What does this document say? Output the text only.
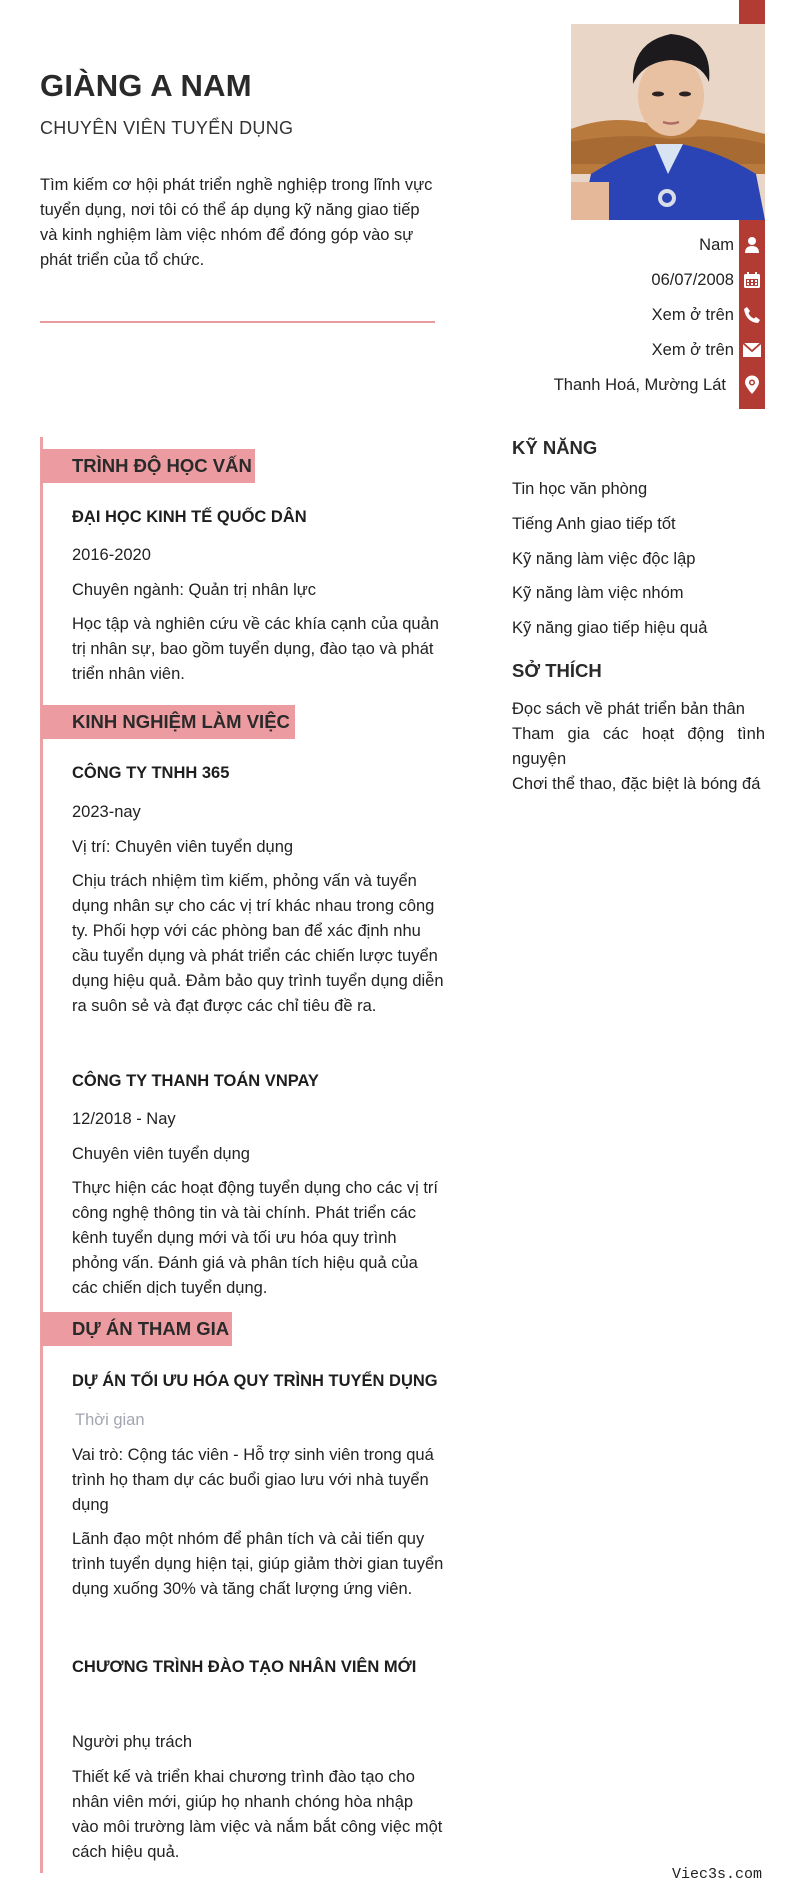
GIÀNG A NAM
CHUYÊN VIÊN TUYỂN DỤNG
Tìm kiếm cơ hội phát triển nghề nghiệp trong lĩnh vực tuyển dụng, nơi tôi có thể áp dụng kỹ năng giao tiếp và kinh nghiệm làm việc nhóm để đóng góp vào sự phát triển của tổ chức.
Nam
06/07/2008
Xem ở trên
Xem ở trên
Thanh Hoá, Mường Lát
TRÌNH ĐỘ HỌC VẤN
ĐẠI HỌC KINH TẾ QUỐC DÂN
2016-2020
Chuyên ngành: Quản trị nhân lực
Học tập và nghiên cứu về các khía cạnh của quản trị nhân sự, bao gồm tuyển dụng, đào tạo và phát triển nhân viên.
KINH NGHIỆM LÀM VIỆC
CÔNG TY TNHH 365
2023-nay
Vị trí: Chuyên viên tuyển dụng
Chịu trách nhiệm tìm kiếm, phỏng vấn và tuyển dụng nhân sự cho các vị trí khác nhau trong công ty. Phối hợp với các phòng ban để xác định nhu cầu tuyển dụng và phát triển các chiến lược tuyển dụng hiệu quả. Đảm bảo quy trình tuyển dụng diễn ra suôn sẻ và đạt được các chỉ tiêu đề ra.
CÔNG TY THANH TOÁN VNPAY
12/2018 - Nay
Chuyên viên tuyển dụng
Thực hiện các hoạt động tuyển dụng cho các vị trí công nghệ thông tin và tài chính. Phát triển các kênh tuyển dụng mới và tối ưu hóa quy trình phỏng vấn. Đánh giá và phân tích hiệu quả của các chiến dịch tuyển dụng.
DỰ ÁN THAM GIA
DỰ ÁN TỐI ƯU HÓA QUY TRÌNH TUYỂN DỤNG
Thời gian
Vai trò: Cộng tác viên - Hỗ trợ sinh viên trong quá trình họ tham dự các buổi giao lưu với nhà tuyển dụng
Lãnh đạo một nhóm để phân tích và cải tiến quy trình tuyển dụng hiện tại, giúp giảm thời gian tuyển dụng xuống 30% và tăng chất lượng ứng viên.
CHƯƠNG TRÌNH ĐÀO TẠO NHÂN VIÊN MỚI
Người phụ trách
Thiết kế và triển khai chương trình đào tạo cho nhân viên mới, giúp họ nhanh chóng hòa nhập vào môi trường làm việc và nắm bắt công việc một cách hiệu quả.
KỸ NĂNG
Tin học văn phòng
Tiếng Anh giao tiếp tốt
Kỹ năng làm việc độc lập
Kỹ năng làm việc nhóm
Kỹ năng giao tiếp hiệu quả
SỞ THÍCH
Đọc sách về phát triển bản thân
Tham gia các hoạt động tình nguyện
Chơi thể thao, đặc biệt là bóng đá
Viec3s.com
